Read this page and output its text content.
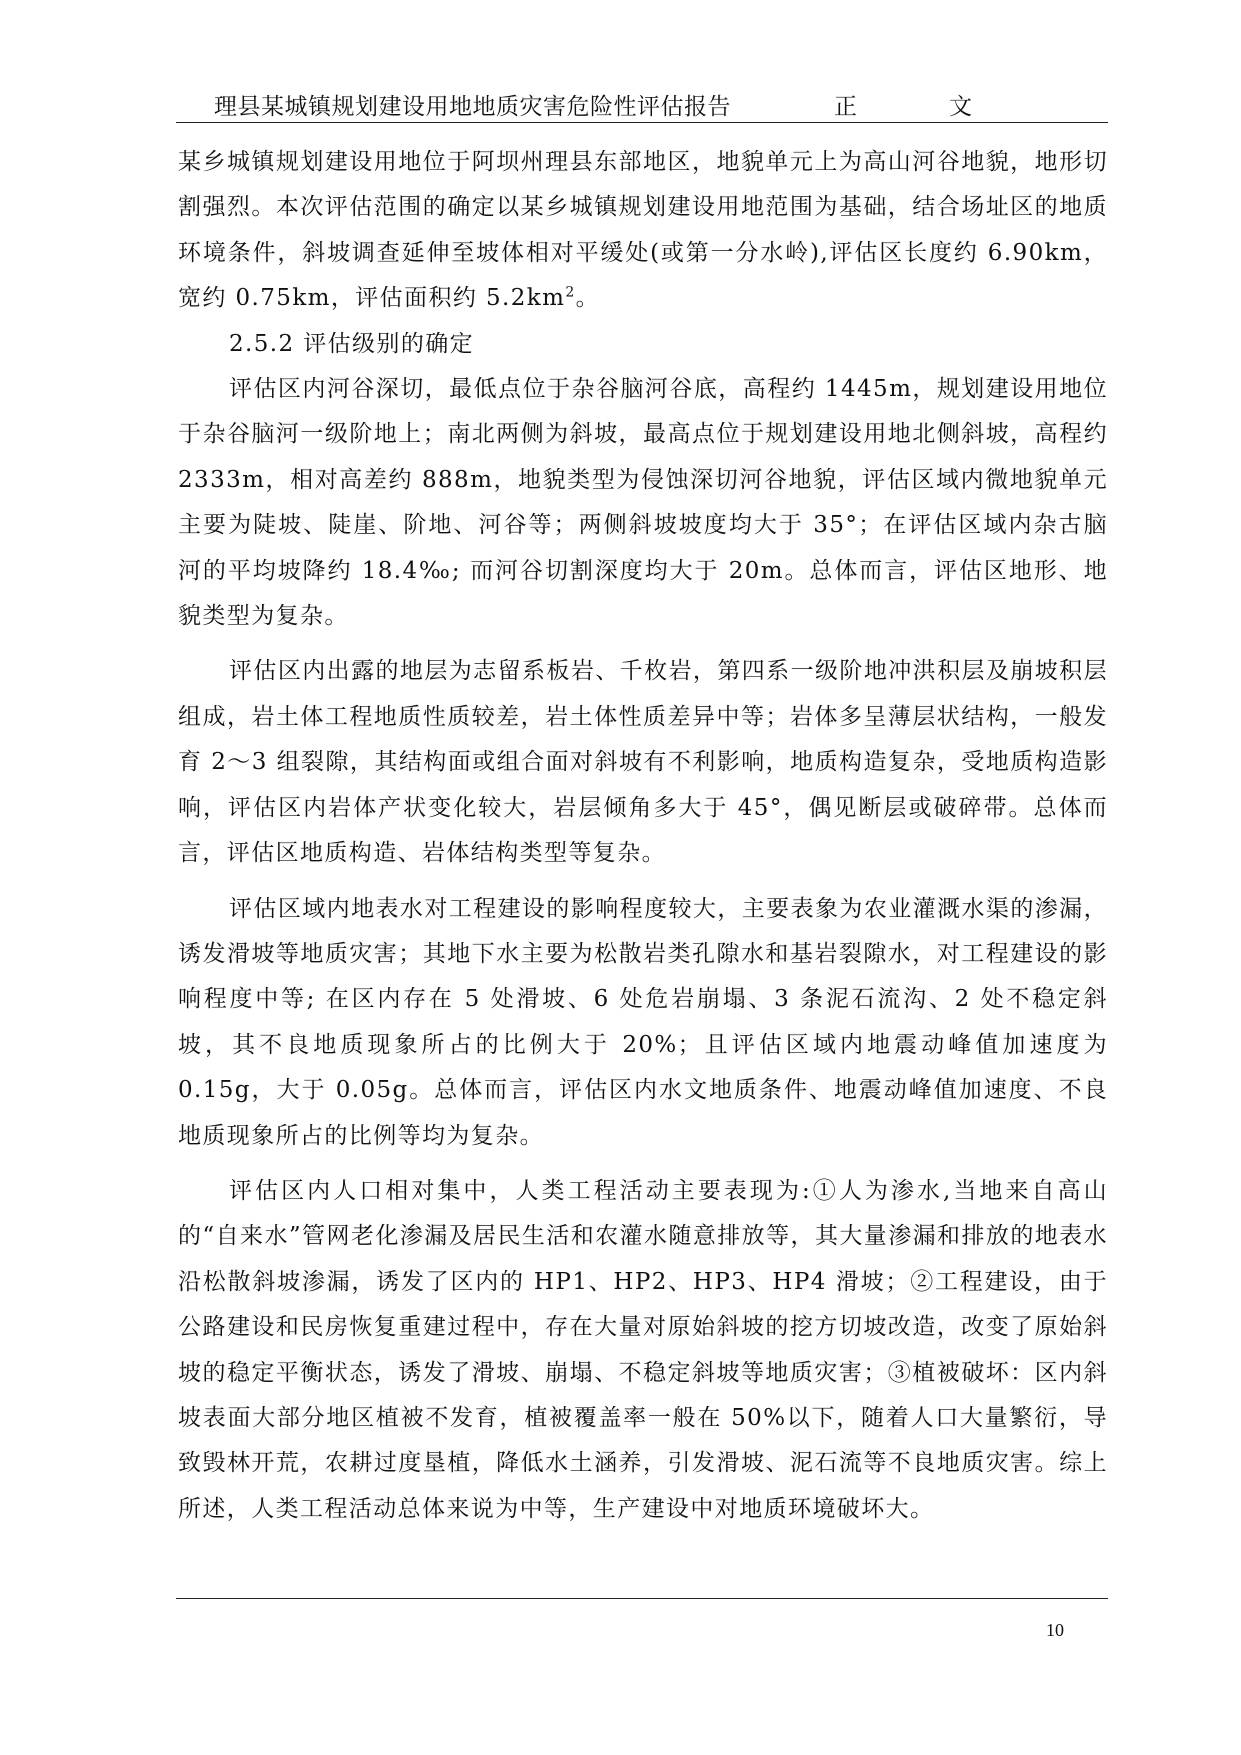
理县某城镇规划建设用地地质灾害危险性评估报告	正文

某乡城镇规划建设用地位于阿坝州理县东部地区，地貌单元上为高山河谷地貌，地形切割强烈。本次评估范围的确定以某乡城镇规划建设用地范围为基础，结合场址区的地质环境条件，斜坡调查延伸至坡体相对平缓处(或第一分水岭),评估区长度约 6.90km，宽约 0.75km，评估面积约 $5.2km^2$。

2.5.2 评估级别的确定

评估区内河谷深切，最低点位于杂谷脑河谷底，高程约 1445m，规划建设用地位于杂谷脑河一级阶地上；南北两侧为斜坡，最高点位于规划建设用地北侧斜坡，高程约 2333m，相对高差约 888m，地貌类型为侵蚀深切河谷地貌，评估区域内微地貌单元主要为陡坡、陡崖、阶地、河谷等；两侧斜坡坡度均大于 35°；在评估区域内杂古脑河的平均坡降约 18.4‰; 而河谷切割深度均大于 20m。总体而言，评估区地形、地貌类型为复杂。

评估区内出露的地层为志留系板岩、千枚岩，第四系一级阶地冲洪积层及崩坡积层组成，岩土体工程地质性质较差，岩土体性质差异中等；岩体多呈薄层状结构，一般发育 2～3 组裂隙，其结构面或组合面对斜坡有不利影响，地质构造复杂，受地质构造影响，评估区内岩体产状变化较大，岩层倾角多大于 45°，偶见断层或破碎带。总体而言，评估区地质构造、岩体结构类型等复杂。

评估区域内地表水对工程建设的影响程度较大，主要表象为农业灌溉水渠的渗漏，诱发滑坡等地质灾害；其地下水主要为松散岩类孔隙水和基岩裂隙水，对工程建设的影响程度中等; 在区内存在 5 处滑坡、6 处危岩崩塌、3 条泥石流沟、2 处不稳定斜坡，其不良地质现象所占的比例大于 20%；且评估区域内地震动峰值加速度为 0.15g，大于 0.05g。总体而言，评估区内水文地质条件、地震动峰值加速度、不良地质现象所占的比例等均为复杂。

评估区内人口相对集中，人类工程活动主要表现为:①人为渗水,当地来自高山的“自来水”管网老化渗漏及居民生活和农灌水随意排放等，其大量渗漏和排放的地表水沿松散斜坡渗漏，诱发了区内的 HP1、HP2、HP3、HP4 滑坡；②工程建设，由于公路建设和民房恢复重建过程中，存在大量对原始斜坡的挖方切坡改造，改变了原始斜坡的稳定平衡状态，诱发了滑坡、崩塌、不稳定斜坡等地质灾害；③植被破坏：区内斜坡表面大部分地区植被不发育，植被覆盖率一般在 50%以下，随着人口大量繁衍，导致毁林开荒，农耕过度垦植，降低水土涵养，引发滑坡、泥石流等不良地质灾害。综上所述，人类工程活动总体来说为中等，生产建设中对地质环境破坏大。

10
